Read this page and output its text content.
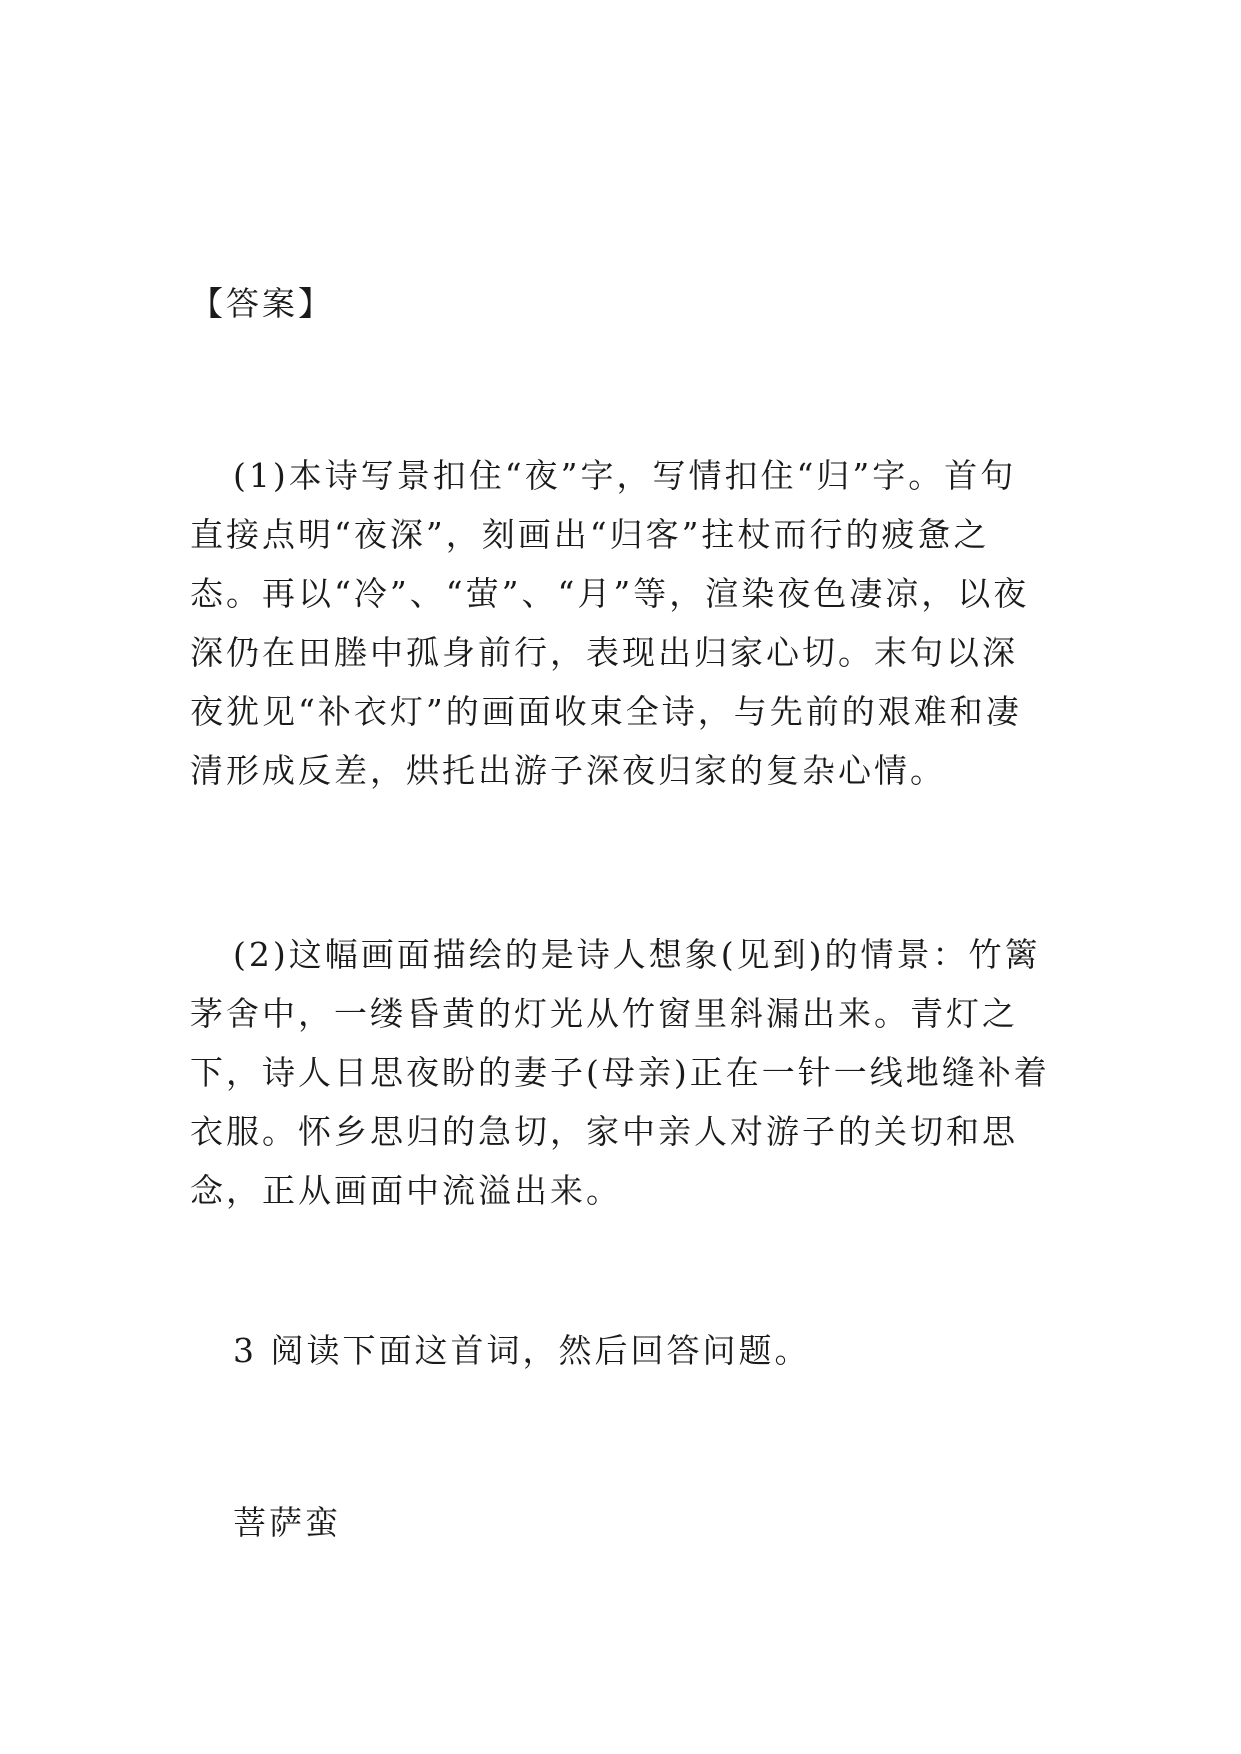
【答案】

(1)本诗写景扣住“夜”字，写情扣住“归”字。首句直接点明“夜深”，刻画出“归客”拄杖而行的疲惫之态。再以“冷”、“萤”、“月”等，渲染夜色凄凉，以夜深仍在田塍中孤身前行，表现出归家心切。末句以深夜犹见“补衣灯”的画面收束全诗，与先前的艰难和凄清形成反差，烘托出游子深夜归家的复杂心情。

(2)这幅画面描绘的是诗人想象(见到)的情景：竹篱茅舍中，一缕昏黄的灯光从竹窗里斜漏出来。青灯之下，诗人日思夜盼的妻子(母亲)正在一针一线地缝补着衣服。怀乡思归的急切，家中亲人对游子的关切和思念，正从画面中流溢出来。

3 阅读下面这首词，然后回答问题。

菩萨蛮
